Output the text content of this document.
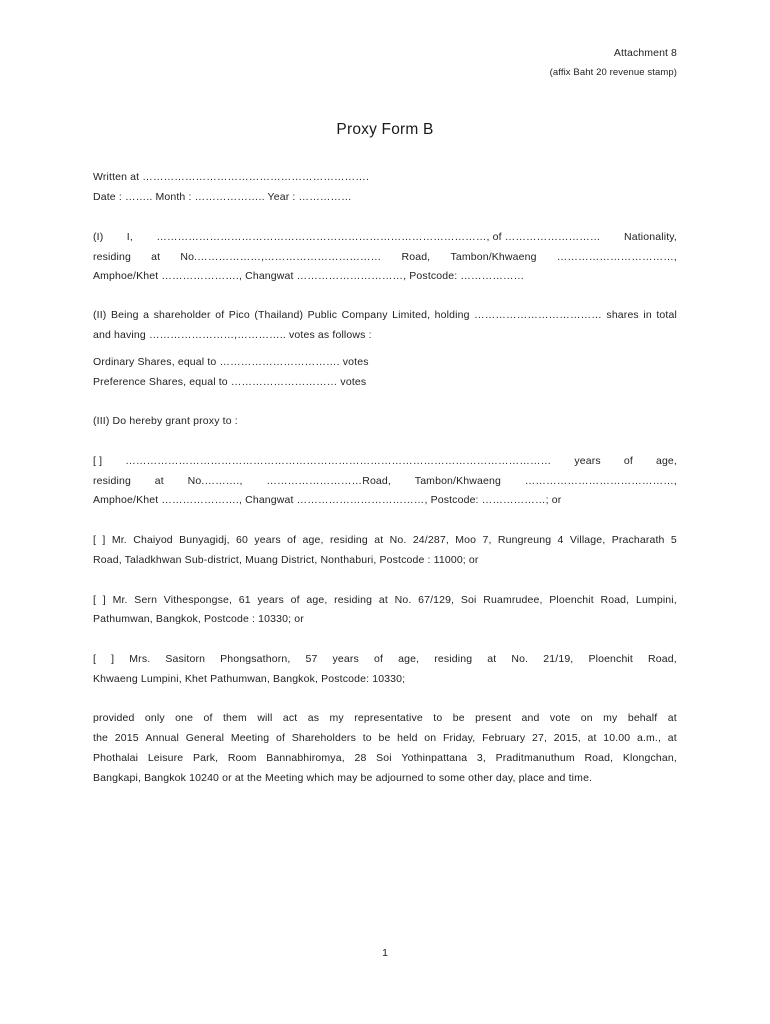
Attachment 8
(affix Baht 20 revenue stamp)
Proxy Form B
Written at ……………………………………………………….
Date : …….. Month : ……………….. Year : ……………
(I) I, …………………………………………………………………………………, of ……………………… Nationality,
residing at No.………………,…………………………… Road, Tambon/Khwaeng ……………………………,
Amphoe/Khet …………………., Changwat …………………………, Postcode: ………………
(II) Being a shareholder of Pico (Thailand) Public Company Limited, holding ……………………………… shares in total
and having ……………………,………….. votes as follows :
Ordinary Shares, equal to ……………………………. votes
Preference Shares, equal to ………………………… votes
(III) Do hereby grant proxy to :
[ ] ………………………………………………………………………………………………………… years of age,
residing at No.………., ………………………Road, Tambon/Khwaeng ……………………………………,
Amphoe/Khet …………………., Changwat ………………………………, Postcode: ………………; or
[ ] Mr. Chaiyod Bunyagidj, 60 years of age, residing at No. 24/287, Moo 7, Rungreung 4 Village, Pracharath 5
Road, Taladkhwan Sub-district, Muang District, Nonthaburi, Postcode : 11000; or
[ ] Mr. Sern Vithespongse, 61 years of age, residing at No. 67/129, Soi Ruamrudee, Ploenchit Road, Lumpini,
Pathumwan, Bangkok, Postcode : 10330; or
[ ] Mrs. Sasitorn Phongsathorn, 57 years of age, residing at No. 21/19, Ploenchit Road,
Khwaeng Lumpini, Khet Pathumwan, Bangkok, Postcode: 10330;
provided only one of them will act as my representative to be present and vote on my behalf at
the 2015 Annual General Meeting of Shareholders to be held on Friday, February 27, 2015, at 10.00 a.m., at
Phothalai Leisure Park, Room Bannabhiromya, 28 Soi Yothinpattana 3, Praditmanuthum Road, Klongchan,
Bangkapi, Bangkok 10240 or at the Meeting which may be adjourned to some other day, place and time.
1
